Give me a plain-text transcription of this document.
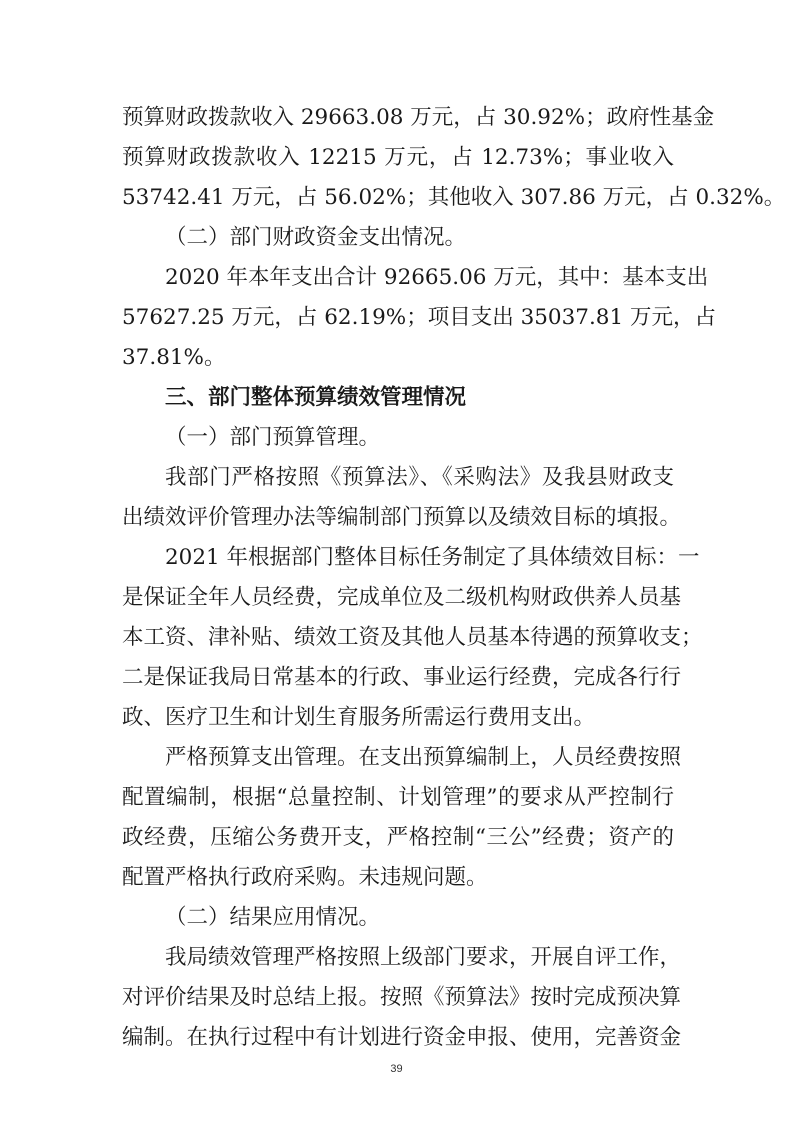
预算财政拨款收入 29663.08 万元，占 30.92%；政府性基金
预算财政拨款收入 12215 万元，占 12.73%；事业收入
53742.41 万元，占 56.02%；其他收入 307.86 万元，占 0.32%。
（二）部门财政资金支出情况。
2020 年本年支出合计 92665.06 万元，其中：基本支出
57627.25 万元，占 62.19%；项目支出 35037.81 万元，占
37.81%。
三、部门整体预算绩效管理情况
（一）部门预算管理。
我部门严格按照《预算法》、《采购法》及我县财政支
出绩效评价管理办法等编制部门预算以及绩效目标的填报。
2021 年根据部门整体目标任务制定了具体绩效目标：一
是保证全年人员经费，完成单位及二级机构财政供养人员基
本工资、津补贴、绩效工资及其他人员基本待遇的预算收支；
二是保证我局日常基本的行政、事业运行经费，完成各行行
政、医疗卫生和计划生育服务所需运行费用支出。
严格预算支出管理。在支出预算编制上，人员经费按照
配置编制，根据“总量控制、计划管理”的要求从严控制行
政经费，压缩公务费开支，严格控制“三公”经费；资产的
配置严格执行政府采购。未违规问题。
（二）结果应用情况。
我局绩效管理严格按照上级部门要求，开展自评工作，
对评价结果及时总结上报。按照《预算法》按时完成预决算
编制。在执行过程中有计划进行资金申报、使用，完善资金
39
